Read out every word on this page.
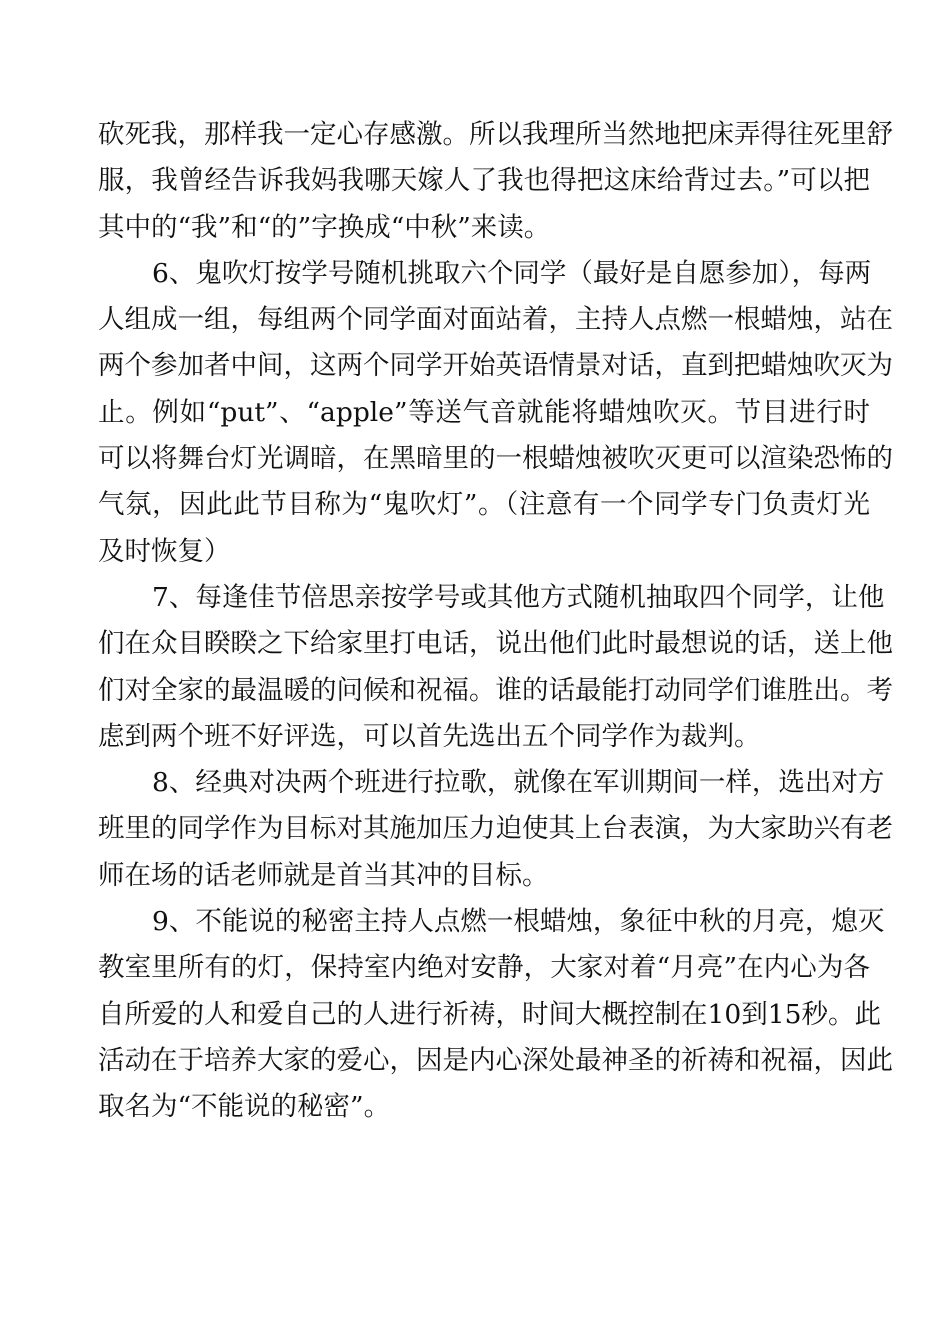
砍死我，那样我一定心存感激。所以我理所当然地把床弄得往死里舒
服，我曾经告诉我妈我哪天嫁人了我也得把这床给背过去。”可以把
其中的“我”和“的”字换成“中秋”来读。
6、鬼吹灯按学号随机挑取六个同学（最好是自愿参加），每两
人组成一组，每组两个同学面对面站着，主持人点燃一根蜡烛，站在
两个参加者中间，这两个同学开始英语情景对话，直到把蜡烛吹灭为
止。例如“put”、“apple”等送气音就能将蜡烛吹灭。节目进行时
可以将舞台灯光调暗，在黑暗里的一根蜡烛被吹灭更可以渲染恐怖的
气氛，因此此节目称为“鬼吹灯”。（注意有一个同学专门负责灯光
及时恢复）
7、每逢佳节倍思亲按学号或其他方式随机抽取四个同学，让他
们在众目睽睽之下给家里打电话，说出他们此时最想说的话，送上他
们对全家的最温暖的问候和祝福。谁的话最能打动同学们谁胜出。考
虑到两个班不好评选，可以首先选出五个同学作为裁判。
8、经典对决两个班进行拉歌，就像在军训期间一样，选出对方
班里的同学作为目标对其施加压力迫使其上台表演，为大家助兴有老
师在场的话老师就是首当其冲的目标。
9、不能说的秘密主持人点燃一根蜡烛，象征中秋的月亮，熄灭
教室里所有的灯，保持室内绝对安静，大家对着“月亮”在内心为各
自所爱的人和爱自己的人进行祈祷，时间大概控制在10到15秒。此
活动在于培养大家的爱心，因是内心深处最神圣的祈祷和祝福，因此
取名为“不能说的秘密”。
